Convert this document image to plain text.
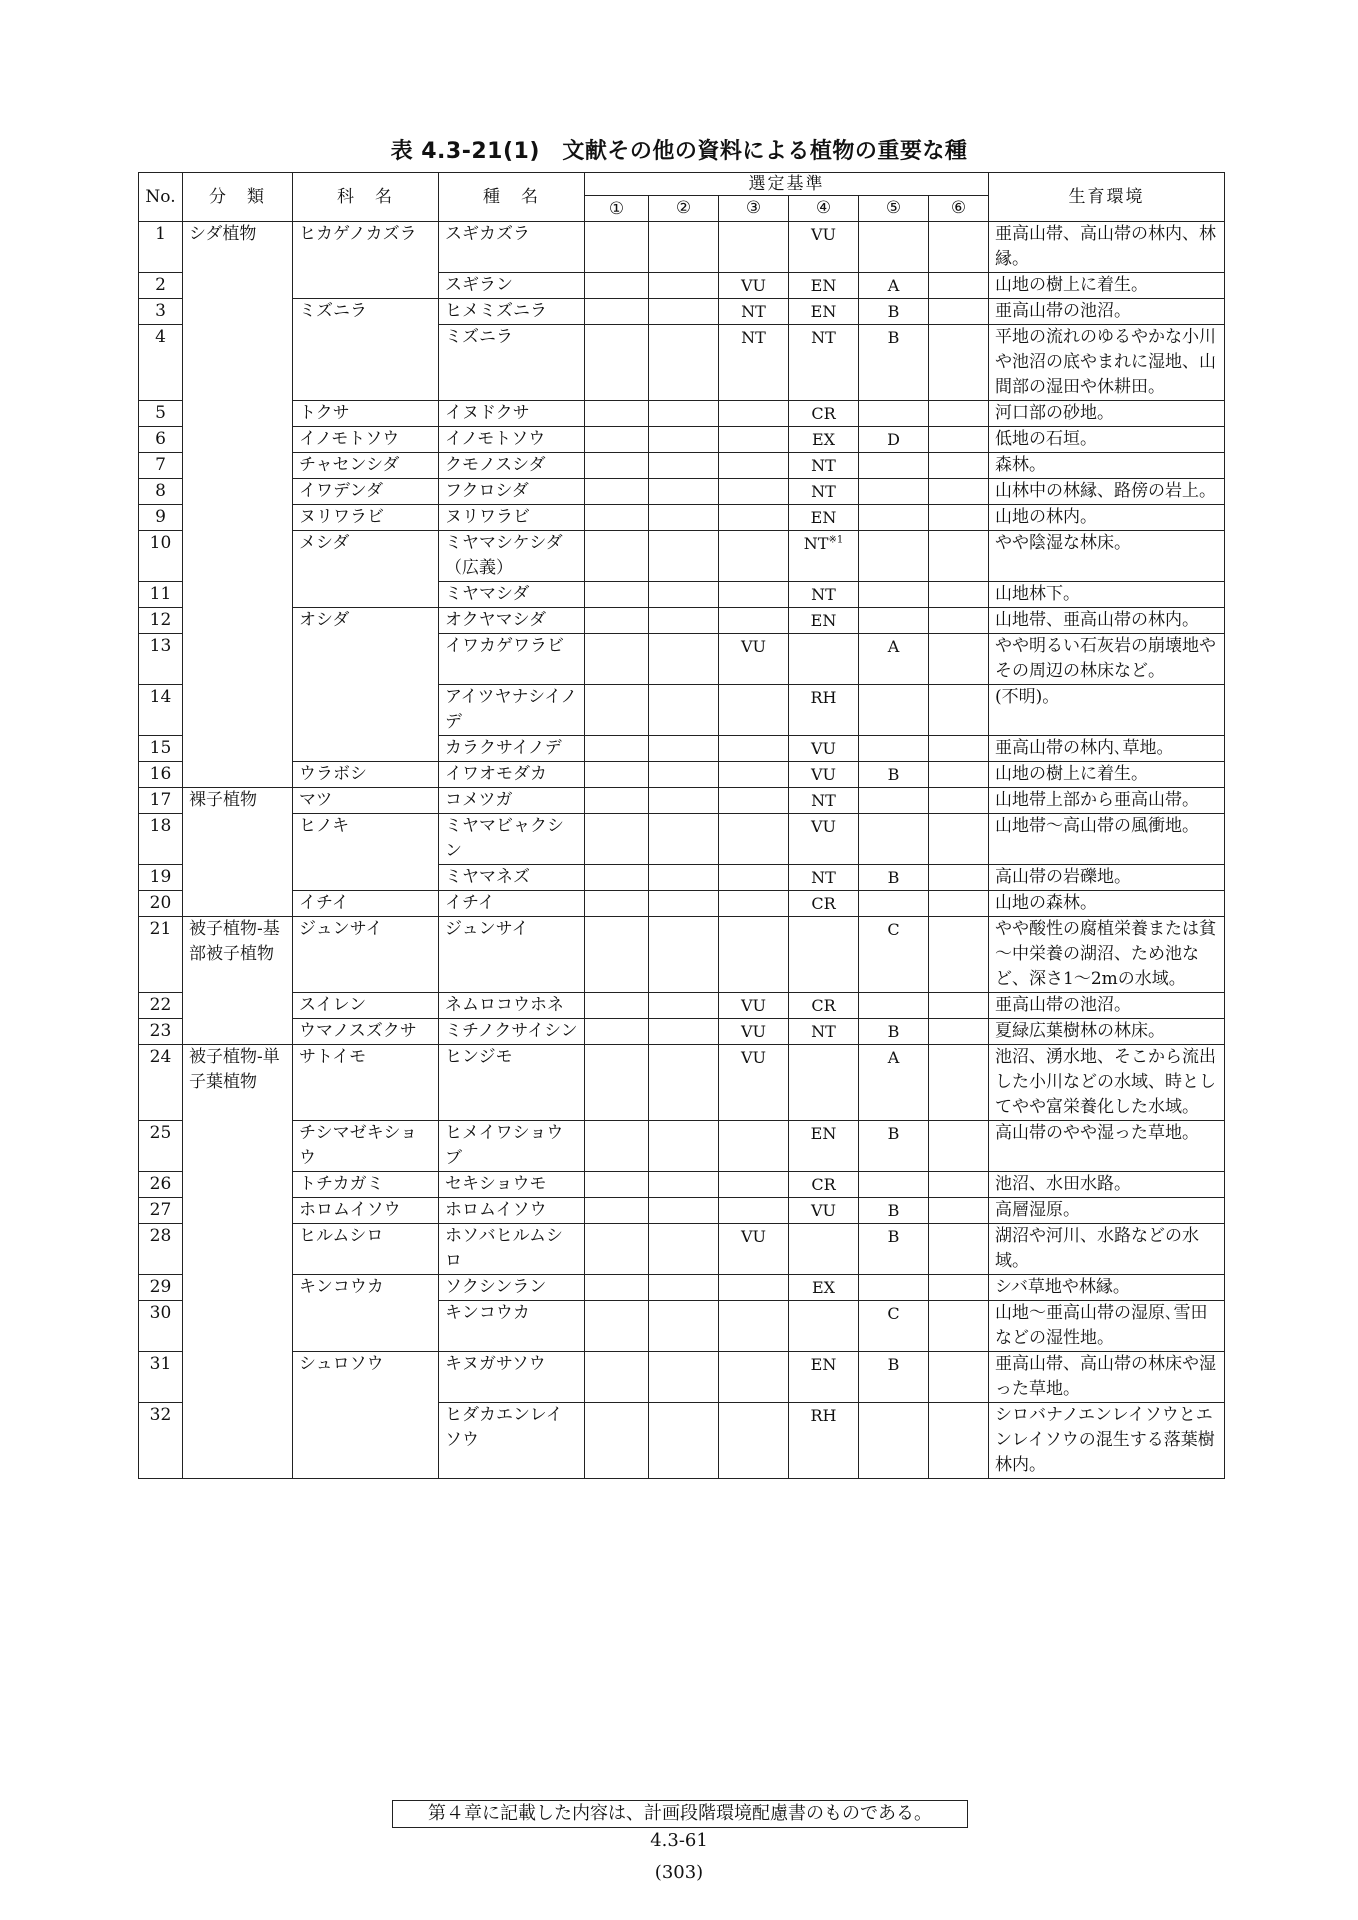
表 4.3-21(1)　文献その他の資料による植物の重要な種
No.	分　類	科　名	種　名	選定基準						生育環境
				①	②	③	④	⑤	⑥	
1	シダ植物	ヒカゲノカズラ	スギカズラ				VU			亜高山帯、高山帯の林内、林縁。
2			スギラン			VU	EN	A		山地の樹上に着生。
3		ミズニラ	ヒメミズニラ			NT	EN	B		亜高山帯の池沼。
4			ミズニラ			NT	NT	B		平地の流れのゆるやかな小川や池沼の底やまれに湿地、山間部の湿田や休耕田。
5		トクサ	イヌドクサ				CR			河口部の砂地。
6		イノモトソウ	イノモトソウ				EX	D		低地の石垣。
7		チャセンシダ	クモノスシダ				NT			森林。
8		イワデンダ	フクロシダ				NT			山林中の林縁、路傍の岩上。
9		ヌリワラビ	ヌリワラビ				EN			山地の林内。
10		メシダ	ミヤマシケシダ（広義）				NT$^{※1}$			やや陰湿な林床。
11			ミヤマシダ				NT			山地林下。
12		オシダ	オクヤマシダ				EN			山地帯、亜高山帯の林内。
13			イワカゲワラビ			VU		A		やや明るい石灰岩の崩壊地やその周辺の林床など。
14			アイツヤナシイノデ				RH			(不明)。
15			カラクサイノデ				VU			亜高山帯の林内､草地。
16		ウラボシ	イワオモダカ				VU	B		山地の樹上に着生。
17	裸子植物	マツ	コメツガ				NT			山地帯上部から亜高山帯。
18		ヒノキ	ミヤマビャクシン				VU			山地帯～高山帯の風衝地。
19			ミヤマネズ				NT	B		高山帯の岩礫地。
20		イチイ	イチイ				CR			山地の森林。
21	被子植物-基部被子植物	ジュンサイ	ジュンサイ					C		やや酸性の腐植栄養または貧～中栄養の湖沼、ため池など、深さ1～2mの水域。
22		スイレン	ネムロコウホネ			VU	CR			亜高山帯の池沼。
23		ウマノスズクサ	ミチノクサイシン			VU	NT	B		夏緑広葉樹林の林床。
24	被子植物-単子葉植物	サトイモ	ヒンジモ			VU		A		池沼、湧水地、そこから流出した小川などの水域、時としてやや富栄養化した水域。
25		チシマゼキショウ	ヒメイワショウブ				EN	B		高山帯のやや湿った草地。
26		トチカガミ	セキショウモ				CR			池沼、水田水路。
27		ホロムイソウ	ホロムイソウ				VU	B		高層湿原。
28		ヒルムシロ	ホソバヒルムシロ			VU		B		湖沼や河川、水路などの水域。
29		キンコウカ	ソクシンラン				EX			シバ草地や林縁。
30			キンコウカ					C		山地～亜高山帯の湿原､雪田などの湿性地。
31		シュロソウ	キヌガサソウ				EN	B		亜高山帯、高山帯の林床や湿った草地。
32			ヒダカエンレイソウ				RH			シロバナノエンレイソウとエンレイソウの混生する落葉樹林内。
第４章に記載した内容は、計画段階環境配慮書のものである。
4.3-61
(303)
